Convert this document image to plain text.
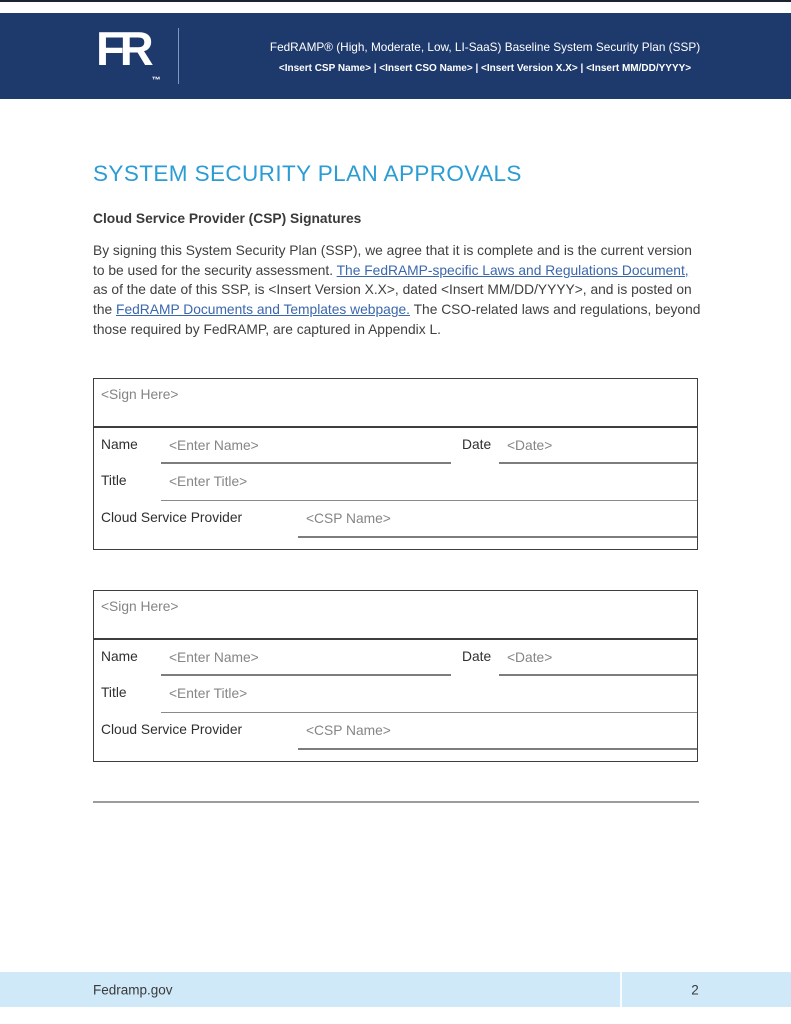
FR™
FedRAMP® (High, Moderate, Low, LI-SaaS) Baseline System Security Plan (SSP)
<Insert CSP Name> | <Insert CSO Name> | <Insert Version X.X> | <Insert MM/DD/YYYY>
SYSTEM SECURITY PLAN APPROVALS
Cloud Service Provider (CSP) Signatures
By signing this System Security Plan (SSP), we agree that it is complete and is the current version to be used for the security assessment. The FedRAMP-specific Laws and Regulations Document, as of the date of this SSP, is <Insert Version X.X>, dated <Insert MM/DD/YYYY>, and is posted on the FedRAMP Documents and Templates webpage. The CSO-related laws and regulations, beyond those required by FedRAMP, are captured in Appendix L.
<Sign Here>
Name	<Enter Name>	Date	<Date>
Title	<Enter Title>
Cloud Service Provider	<CSP Name>
<Sign Here>
Name	<Enter Name>	Date	<Date>
Title	<Enter Title>
Cloud Service Provider	<CSP Name>
Fedramp.gov	2
